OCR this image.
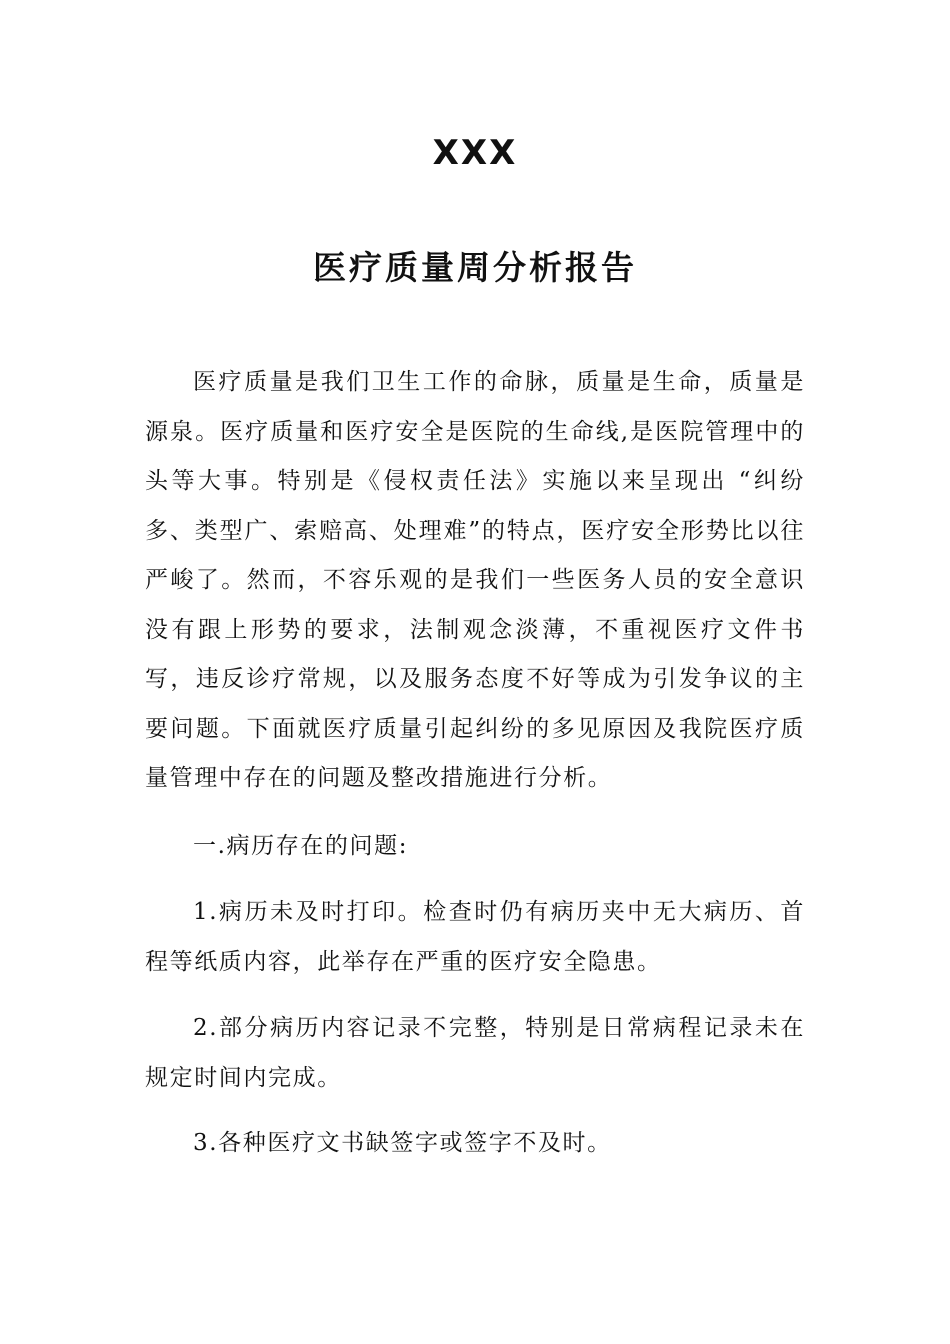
XXX
医疗质量周分析报告

医疗质量是我们卫生工作的命脉，质量是生命，质量是源泉。医疗质量和医疗安全是医院的生命线,是医院管理中的头等大事。特别是《侵权责任法》实施以来呈现出 “纠纷多、类型广、索赔高、处理难”的特点，医疗安全形势比以往严峻了。然而，不容乐观的是我们一些医务人员的安全意识没有跟上形势的要求，法制观念淡薄，不重视医疗文件书写，违反诊疗常规，以及服务态度不好等成为引发争议的主要问题。下面就医疗质量引起纠纷的多见原因及我院医疗质量管理中存在的问题及整改措施进行分析。

一.病历存在的问题:

1.病历未及时打印。检查时仍有病历夹中无大病历、首程等纸质内容，此举存在严重的医疗安全隐患。

2.部分病历内容记录不完整，特别是日常病程记录未在规定时间内完成。

3.各种医疗文书缺签字或签字不及时。
